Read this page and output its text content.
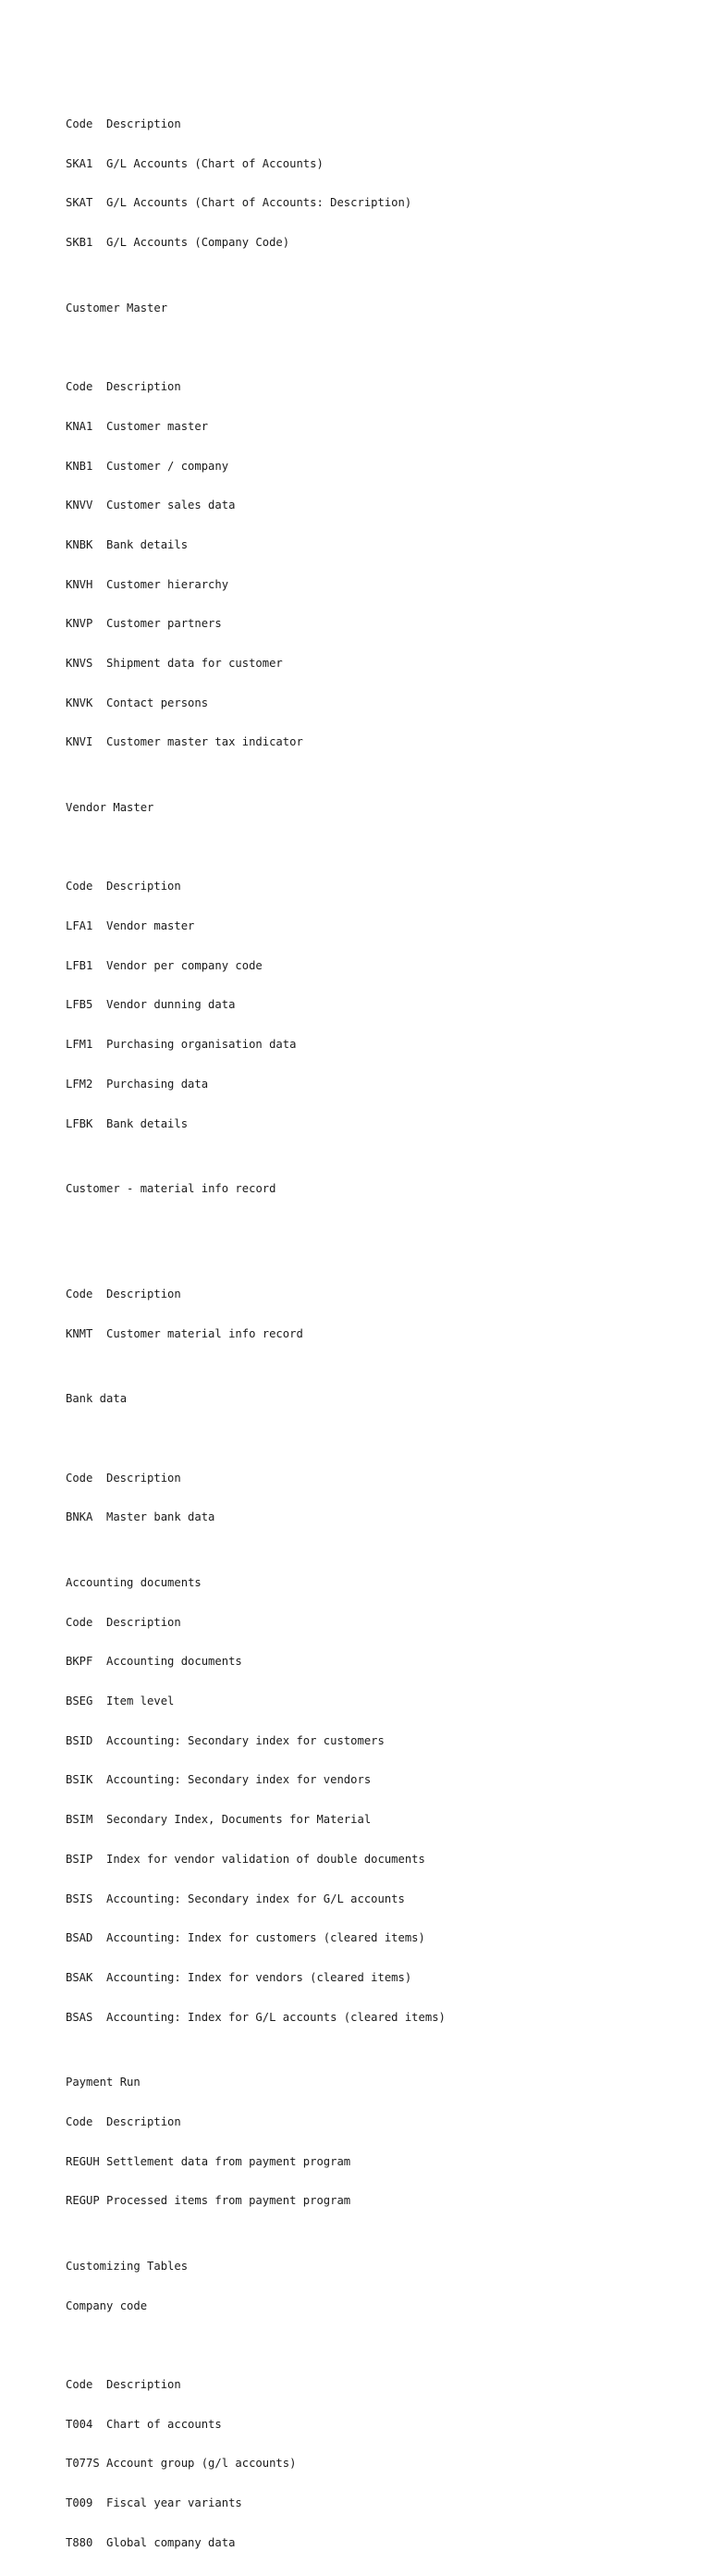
Code Description

SKA1 G/L Accounts (Chart of Accounts)

SKAT G/L Accounts (Chart of Accounts: Description)

SKB1 G/L Accounts (Company Code)

Customer Master

Code Description

KNA1 Customer master

KNB1 Customer / company

KNVV Customer sales data

KNBK Bank details

KNVH Customer hierarchy

KNVP Customer partners

KNVS Shipment data for customer

KNVK Contact persons

KNVI Customer master tax indicator

Vendor Master

Code Description

LFA1 Vendor master

LFB1 Vendor per company code

LFB5 Vendor dunning data

LFM1 Purchasing organisation data

LFM2 Purchasing data

LFBK Bank details

Customer - material info record

Code Description

KNMT Customer material info record

Bank data

Code Description

BNKA Master bank data

Accounting documents

Code Description

BKPF Accounting documents

BSEG Item level

BSID Accounting: Secondary index for customers

BSIK Accounting: Secondary index for vendors

BSIM Secondary Index, Documents for Material

BSIP Index for vendor validation of double documents

BSIS Accounting: Secondary index for G/L accounts

BSAD Accounting: Index for customers (cleared items)

BSAK Accounting: Index for vendors (cleared items)

BSAS Accounting: Index for G/L accounts (cleared items)

Payment Run

Code Description

REGUH Settlement data from payment program

REGUP Processed items from payment program

Customizing Tables

Company code

Code Description

T004 Chart of accounts

T077S Account group (g/l accounts)

T009 Fiscal year variants

T880 Global company data
